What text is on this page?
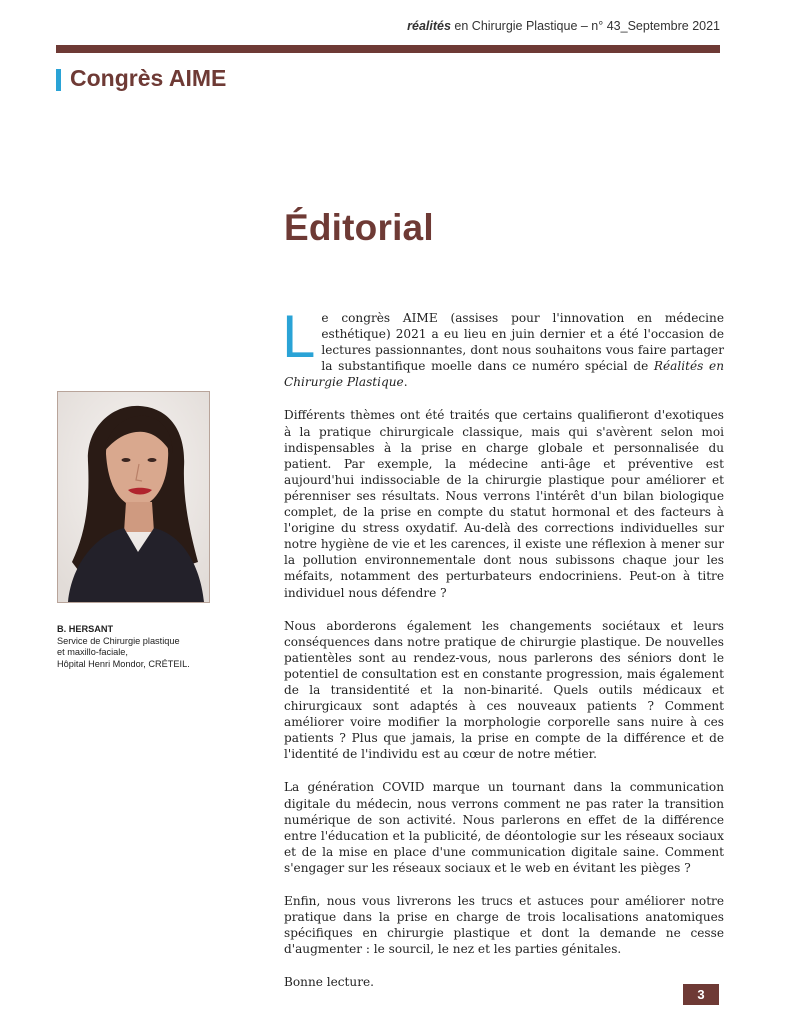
réalités en Chirurgie Plastique – n° 43_Septembre 2021
Congrès AIME
Éditorial
B. HERSANT
Service de Chirurgie plastique
et maxillo-faciale,
Hôpital Henri Mondor, CRÉTEIL.

Le congrès AIME (assises pour l'innovation en médecine esthétique) 2021 a eu lieu en juin dernier et a été l'occasion de lectures passionnantes, dont nous souhaitons vous faire partager la substantifique moelle dans ce numéro spécial de Réalités en Chirurgie Plastique.

Différents thèmes ont été traités que certains qualifieront d'exotiques à la pratique chirurgicale classique, mais qui s'avèrent selon moi indispensables à la prise en charge globale et personnalisée du patient. Par exemple, la médecine anti-âge et préventive est aujourd'hui indissociable de la chirurgie plastique pour améliorer et pérenniser ses résultats. Nous verrons l'intérêt d'un bilan biologique complet, de la prise en compte du statut hormonal et des facteurs à l'origine du stress oxydatif. Au-delà des corrections individuelles sur notre hygiène de vie et les carences, il existe une réflexion à mener sur la pollution environnementale dont nous subissons chaque jour les méfaits, notamment des perturbateurs endocriniens. Peut-on à titre individuel nous défendre ?

Nous aborderons également les changements sociétaux et leurs conséquences dans notre pratique de chirurgie plastique. De nouvelles patientèles sont au rendez-vous, nous parlerons des séniors dont le potentiel de consultation est en constante progression, mais également de la transidentité et la non-binarité. Quels outils médicaux et chirurgicaux sont adaptés à ces nouveaux patients ? Comment améliorer voire modifier la morphologie corporelle sans nuire à ces patients ? Plus que jamais, la prise en compte de la différence et de l'identité de l'individu est au cœur de notre métier.

La génération COVID marque un tournant dans la communication digitale du médecin, nous verrons comment ne pas rater la transition numérique de son activité. Nous parlerons en effet de la différence entre l'éducation et la publicité, de déontologie sur les réseaux sociaux et de la mise en place d'une communication digitale saine. Comment s'engager sur les réseaux sociaux et le web en évitant les pièges ?

Enfin, nous vous livrerons les trucs et astuces pour améliorer notre pratique dans la prise en charge de trois localisations anatomiques spécifiques en chirurgie plastique et dont la demande ne cesse d'augmenter : le sourcil, le nez et les parties génitales.

Bonne lecture.

3
